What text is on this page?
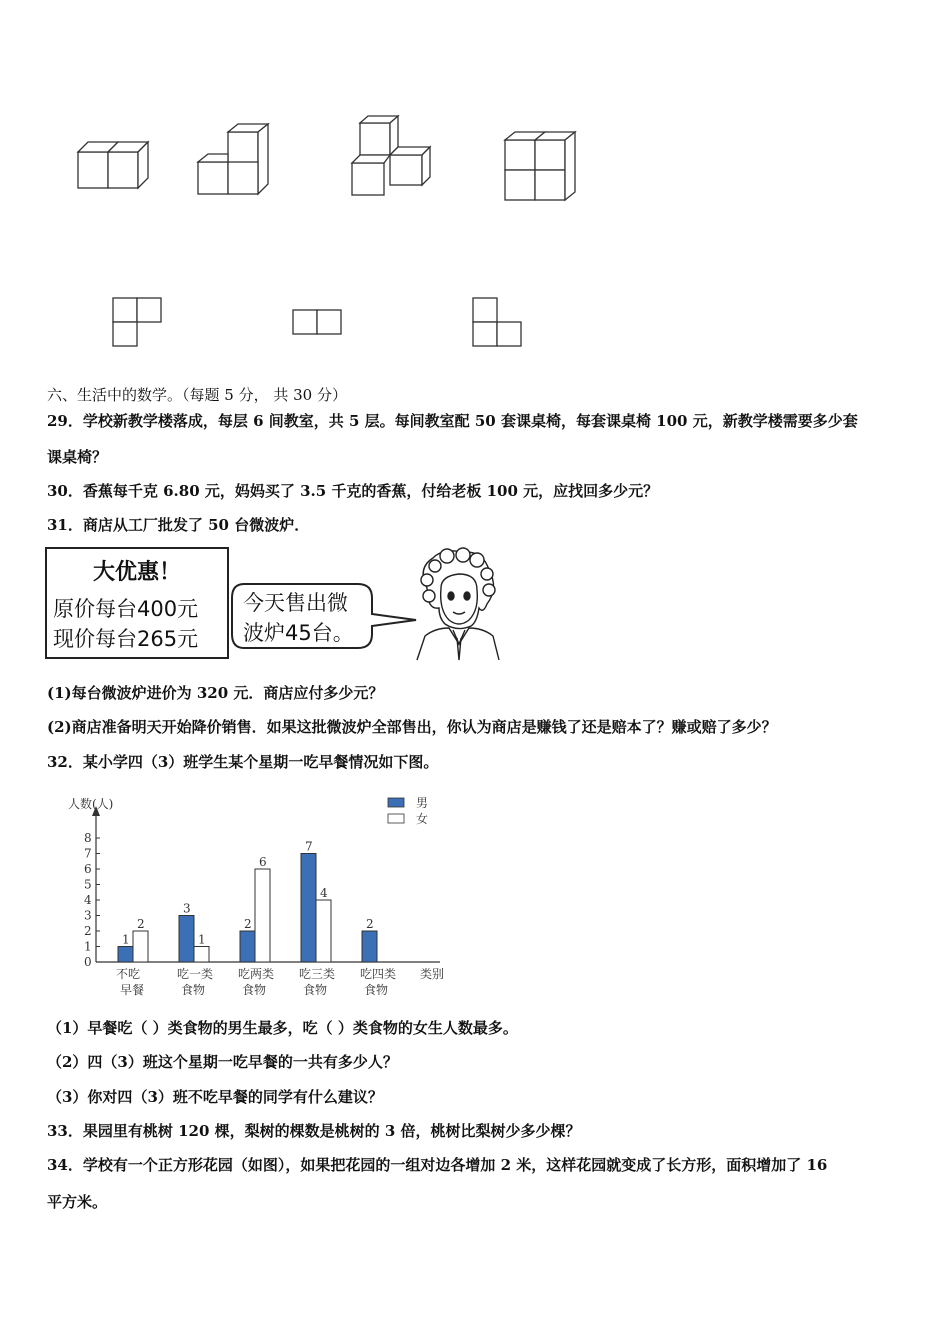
六、生活中的数学。（每题 5 分， 共 30 分）
29．学校新教学楼落成，每层 6 间教室，共 5 层。每间教室配 50 套课桌椅，每套课桌椅 100 元，新教学楼需要多少套
课桌椅？
30．香蕉每千克 6.80 元，妈妈买了 3.5 千克的香蕉，付给老板 100 元，应找回多少元？
31．商店从工厂批发了 50 台微波炉．
大优惠！
原价每台400元
现价每台265元
今天售出微
波炉45台。
(1)每台微波炉进价为 320 元．商店应付多少元？
(2)商店准备明天开始降价销售．如果这批微波炉全部售出，你认为商店是赚钱了还是赔本了？赚或赔了多少？
32．某小学四（3）班学生某个星期一吃早餐情况如下图。
人数(人)
类别
0
1
2
3
4
5
6
7
8
1
2
不吃
早餐
3
1
吃一类
食物
2
6
吃两类
食物
7
4
吃三类
食物
2
吃四类
食物
男
女
（1）早餐吃（ ）类食物的男生最多，吃（ ）类食物的女生人数最多。
（2）四（3）班这个星期一吃早餐的一共有多少人？
（3）你对四（3）班不吃早餐的同学有什么建议？
33．果园里有桃树 120 棵，梨树的棵数是桃树的 3 倍，桃树比梨树少多少棵？
34．学校有一个正方形花园（如图），如果把花园的一组对边各增加 2 米，这样花园就变成了长方形，面积增加了 16
平方米。
